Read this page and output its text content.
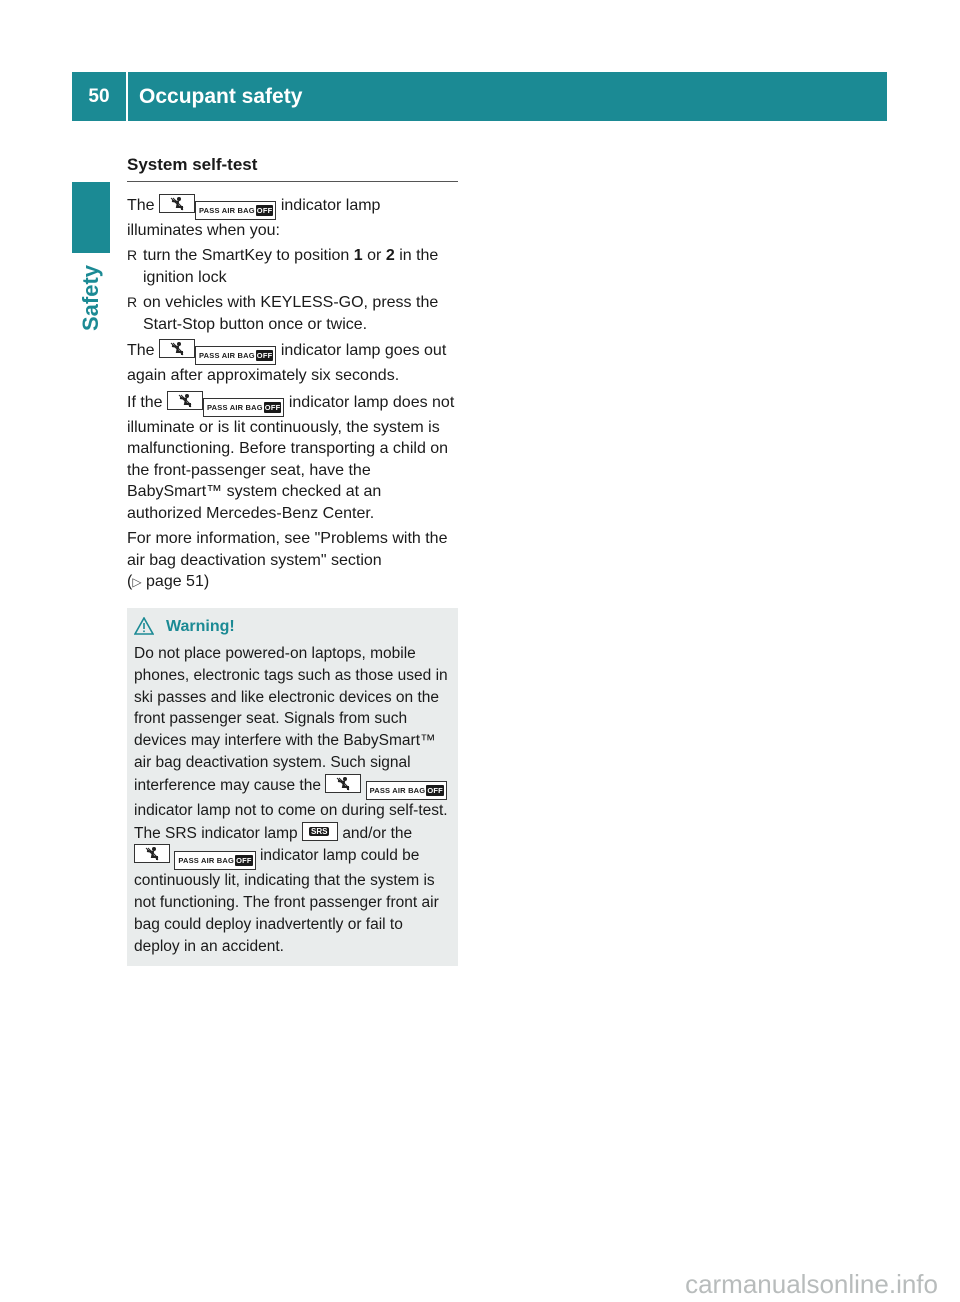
50	Occupant safety
Safety
System self-test

The	PASS AIR BAG OFF indicator lamp illuminates when you:

R turn the SmartKey to position 1 or 2 in the ignition lock
R on vehicles with KEYLESS-GO, press the Start-Stop button once or twice.

The	PASS AIR BAG OFF indicator lamp goes out again after approximately six seconds.

If the	PASS AIR BAG OFF indicator lamp does not illuminate or is lit continuously, the system is malfunctioning. Before transporting a child on the front-passenger seat, have the BabySmart™ system checked at an authorized Mercedes-Benz Center.

For more information, see "Problems with the air bag deactivation system" section
(▷ page 51)

Warning!

Do not place powered-on laptops, mobile phones, electronic tags such as those used in ski passes and like electronic devices on the front passenger seat. Signals from such devices may interfere with the BabySmart™ air bag deactivation system. Such signal interference may cause the	PASS AIR BAG OFF indicator lamp not to come on during self-test. The SRS indicator lamp SRS and/or the
PASS AIR BAG OFF indicator lamp could be continuously lit, indicating that the system is not functioning. The front passenger front air bag could deploy inadvertently or fail to deploy in an accident.

carmanualsonline.info
